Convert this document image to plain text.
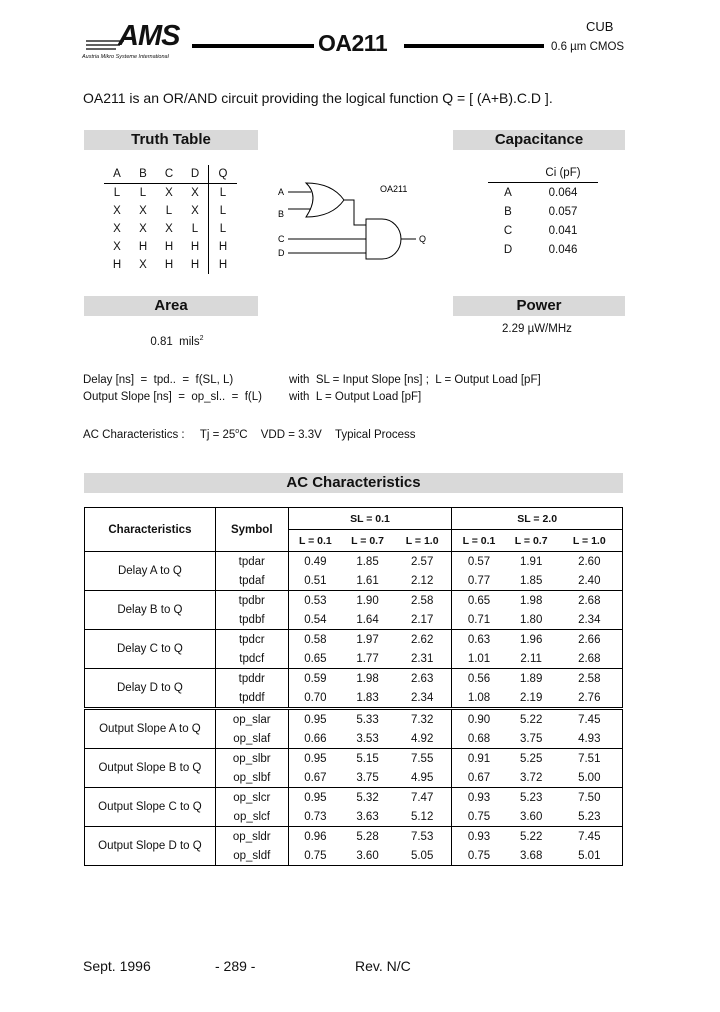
AMS
Austria Mikro Systeme International
OA211
CUB
0.6 µm CMOS
OA211 is an OR/AND circuit providing the logical function Q = [ (A+B).C.D ].
Truth Table
A	B	C	D	Q
L	L	X	X	L
X	X	L	X	L
X	X	X	L	L
X	H	H	H	H
H	X	H	H	H
OA211
A
B
C
D
Q
Capacitance
	Ci (pF)
A	0.064
B	0.057
C	0.041
D	0.046
Area

0.81  mils$^2$

Power
2.29 µW/MHz
Delay [ns]  =  tpd..  =  f(SL, L)	with  SL = Input Slope [ns] ;  L = Output Load [pF]
Output Slope [ns]  =  op_sl..  =  f(L) with  L = Output Load [pF]
AC Characteristics : $Tj = 25^oC$ VDD = 3.3V Typical Process
AC Characteristics
Characteristics	Symbol	SL = 0.1			SL = 2.0		
		L = 0.1	L = 0.7	L = 1.0	L = 0.1	L = 0.7	L = 1.0
Delay A to Q	tpdar	0.49	1.85	2.57	0.57	1.91	2.60
	tpdaf	0.51	1.61	2.12	0.77	1.85	2.40
Delay B to Q	tpdbr	0.53	1.90	2.58	0.65	1.98	2.68
	tpdbf	0.54	1.64	2.17	0.71	1.80	2.34
Delay C to Q	tpdcr	0.58	1.97	2.62	0.63	1.96	2.66
	tpdcf	0.65	1.77	2.31	1.01	2.11	2.68
Delay D to Q	tpddr	0.59	1.98	2.63	0.56	1.89	2.58
	tpddf	0.70	1.83	2.34	1.08	2.19	2.76
Output Slope A to Q	op_slar	0.95	5.33	7.32	0.90	5.22	7.45
	op_slaf	0.66	3.53	4.92	0.68	3.75	4.93
Output Slope B to Q	op_slbr	0.95	5.15	7.55	0.91	5.25	7.51
	op_slbf	0.67	3.75	4.95	0.67	3.72	5.00
Output Slope C to Q	op_slcr	0.95	5.32	7.47	0.93	5.23	7.50
	op_slcf	0.73	3.63	5.12	0.75	3.60	5.23
Output Slope D to Q	op_sldr	0.96	5.28	7.53	0.93	5.22	7.45
	op_sldf	0.75	3.60	5.05	0.75	3.68	5.01
Sept. 1996	- 289 -	Rev. N/C
